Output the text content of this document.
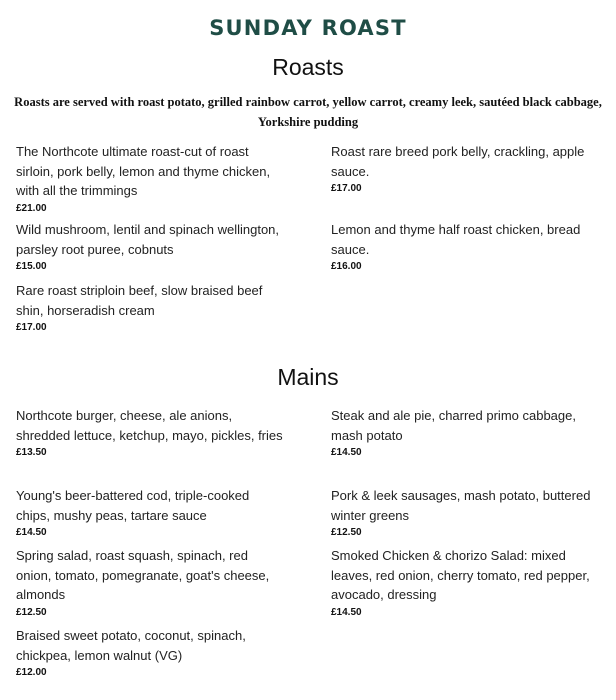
SUNDAY ROAST
Roasts
Roasts are served with roast potato, grilled rainbow carrot, yellow carrot, creamy leek, sautéed black cabbage, Yorkshire pudding
The Northcote ultimate roast-cut of roast sirloin, pork belly, lemon and thyme chicken, with all the trimmings
£21.00
Roast rare breed pork belly, crackling, apple sauce.
£17.00
Wild mushroom, lentil and spinach wellington, parsley root puree, cobnuts
£15.00
Lemon and thyme half roast chicken, bread sauce.
£16.00
Rare roast striploin beef, slow braised beef shin, horseradish cream
£17.00
Mains
Northcote burger, cheese, ale anions, shredded lettuce, ketchup, mayo, pickles, fries
£13.50
Steak and ale pie, charred primo cabbage, mash potato
£14.50
Young's beer-battered cod, triple-cooked chips, mushy peas, tartare sauce
£14.50
Pork & leek sausages, mash potato, buttered winter greens
£12.50
Spring salad, roast squash, spinach, red onion, tomato, pomegranate, goat's cheese, almonds
£12.50
Smoked Chicken & chorizo Salad: mixed leaves, red onion, cherry tomato, red pepper, avocado, dressing
£14.50
Braised sweet potato, coconut, spinach, chickpea, lemon walnut (VG)
£12.00
